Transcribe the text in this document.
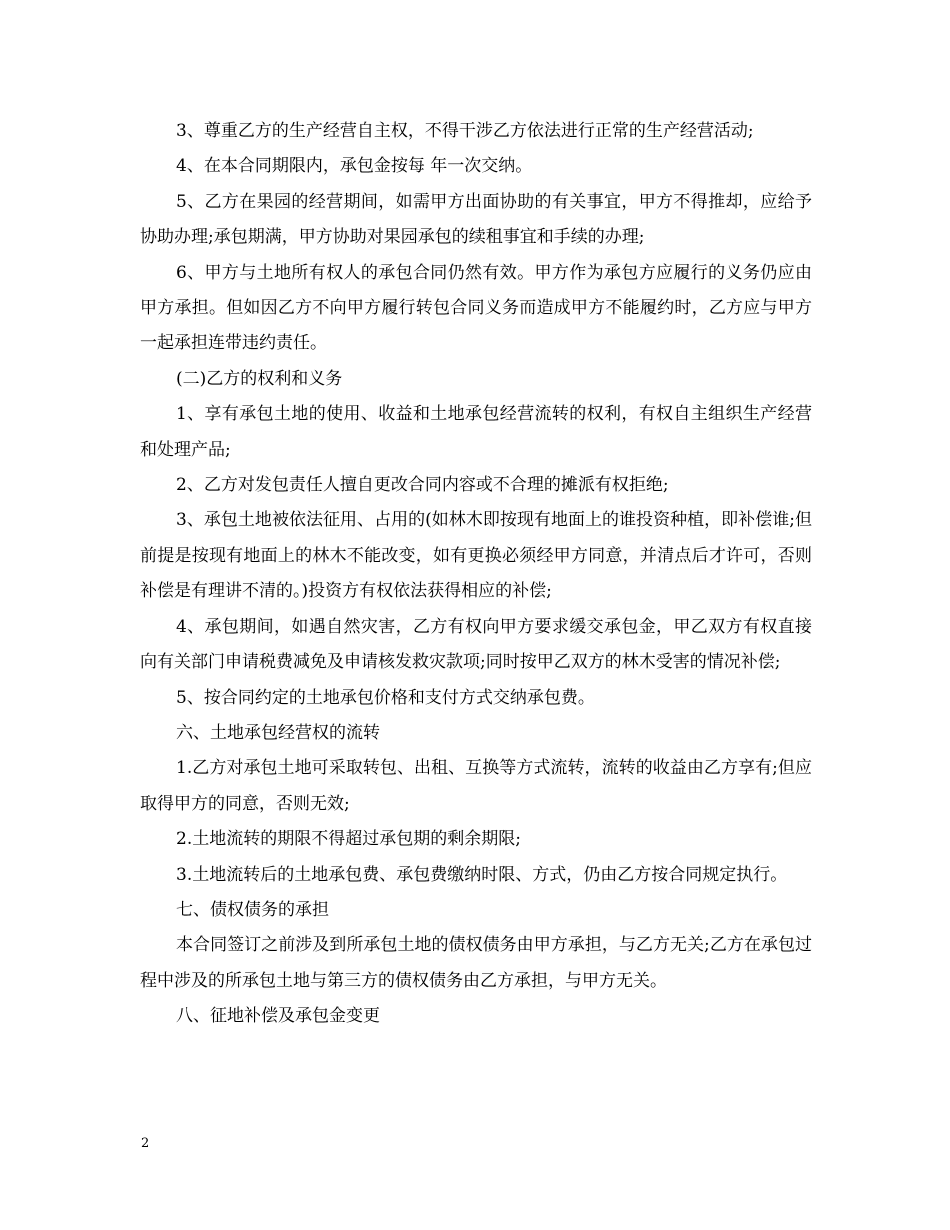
3、尊重乙方的生产经营自主权，不得干涉乙方依法进行正常的生产经营活动;

4、在本合同期限内，承包金按每 年一次交纳。

5、乙方在果园的经营期间，如需甲方出面协助的有关事宜，甲方不得推却，应给予协助办理;承包期满，甲方协助对果园承包的续租事宜和手续的办理;

6、甲方与土地所有权人的承包合同仍然有效。甲方作为承包方应履行的义务仍应由甲方承担。但如因乙方不向甲方履行转包合同义务而造成甲方不能履约时，乙方应与甲方一起承担连带违约责任。

(二)乙方的权利和义务

1、享有承包土地的使用、收益和土地承包经营流转的权利，有权自主组织生产经营和处理产品;

2、乙方对发包责任人擅自更改合同内容或不合理的摊派有权拒绝;

3、承包土地被依法征用、占用的(如林木即按现有地面上的谁投资种植，即补偿谁;但前提是按现有地面上的林木不能改变，如有更换必须经甲方同意，并清点后才许可，否则补偿是有理讲不清的。)投资方有权依法获得相应的补偿;

4、承包期间，如遇自然灾害，乙方有权向甲方要求缓交承包金，甲乙双方有权直接向有关部门申请税费减免及申请核发救灾款项;同时按甲乙双方的林木受害的情况补偿;

5、按合同约定的土地承包价格和支付方式交纳承包费。

六、土地承包经营权的流转

1.乙方对承包土地可采取转包、出租、互换等方式流转，流转的收益由乙方享有;但应取得甲方的同意，否则无效;

2.土地流转的期限不得超过承包期的剩余期限;

3.土地流转后的土地承包费、承包费缴纳时限、方式，仍由乙方按合同规定执行。

七、债权债务的承担

本合同签订之前涉及到所承包土地的债权债务由甲方承担，与乙方无关;乙方在承包过程中涉及的所承包土地与第三方的债权债务由乙方承担，与甲方无关。

八、征地补偿及承包金变更

2
